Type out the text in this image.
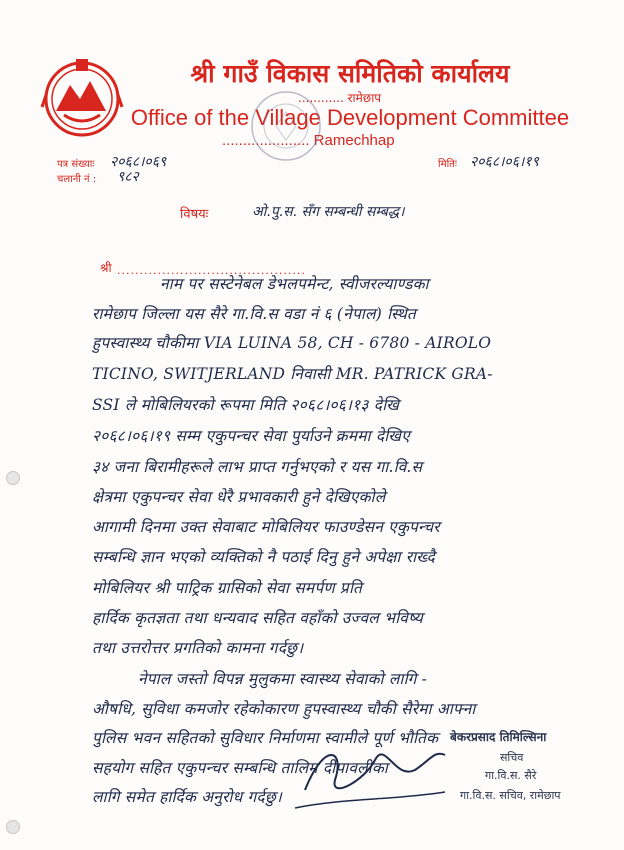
श्री गाउँ विकास समितिको कार्यालय
............ रामेछाप
Office of the Village Development Committee
..................... Ramechhap
पत्र संख्याः २०६८।०६९
चलानी नं : ९८२
मितिः २०६८।०६।१९
विषयः	ओ.पु.स. सँग सम्बन्धी सम्बद्ध।
श्री ..........................................
नाम पर सस्टेनेबल डेभलपमेन्ट, स्वीजरल्याण्डका
रामेछाप जिल्ला यस सैरे गा.वि.स वडा नं ६ (नेपाल) स्थित
हुपस्वास्थ्य चौकीमा VIA LUINA 58, CH - 6780 - AIROLO
TICINO, SWITJERLAND निवासी MR. PATRICK GRA-
SSI ले मोबिलियरको रूपमा मिति २०६८।०६।१३ देखि
२०६८।०६।१९ सम्म एकुपन्चर सेवा पुर्याउने क्रममा देखिए
३४ जना बिरामीहरूले लाभ प्राप्त गर्नुभएको र यस गा.वि.स
क्षेत्रमा एकुपन्चर सेवा धेरै प्रभावकारी हुने देखिएकोले
आगामी दिनमा उक्त सेवाबाट मोबिलियर फाउण्डेसन एकुपन्चर
सम्बन्धि ज्ञान भएको व्यक्तिको नै पठाई दिनु हुने अपेक्षा राख्दै
मोबिलियर श्री पाट्रिक ग्रासिको सेवा समर्पण प्रति
हार्दिक कृतज्ञता तथा धन्यवाद सहित वहाँको उज्वल भविष्य
तथा उत्तरोत्तर प्रगतिको कामना गर्दछु।
नेपाल जस्तो विपन्न मुलुकमा स्वास्थ्य सेवाको लागि -
औषधि, सुविधा कमजोर रहेकोकारण हुपस्वास्थ्य चौकी सैरेमा आफ्ना
पुलिस भवन सहितको सुविधार निर्माणमा स्वामीले पूर्ण भौतिक
सहयोग सहित एकुपन्चर सम्बन्धि तालिम दीपावलीका
लागि समेत हार्दिक अनुरोध गर्दछु।
बेकरप्रसाद तिमिल्सिना
सचिव
गा.वि.स. सैरे
गा.वि.स. सचिव, रामेछाप
